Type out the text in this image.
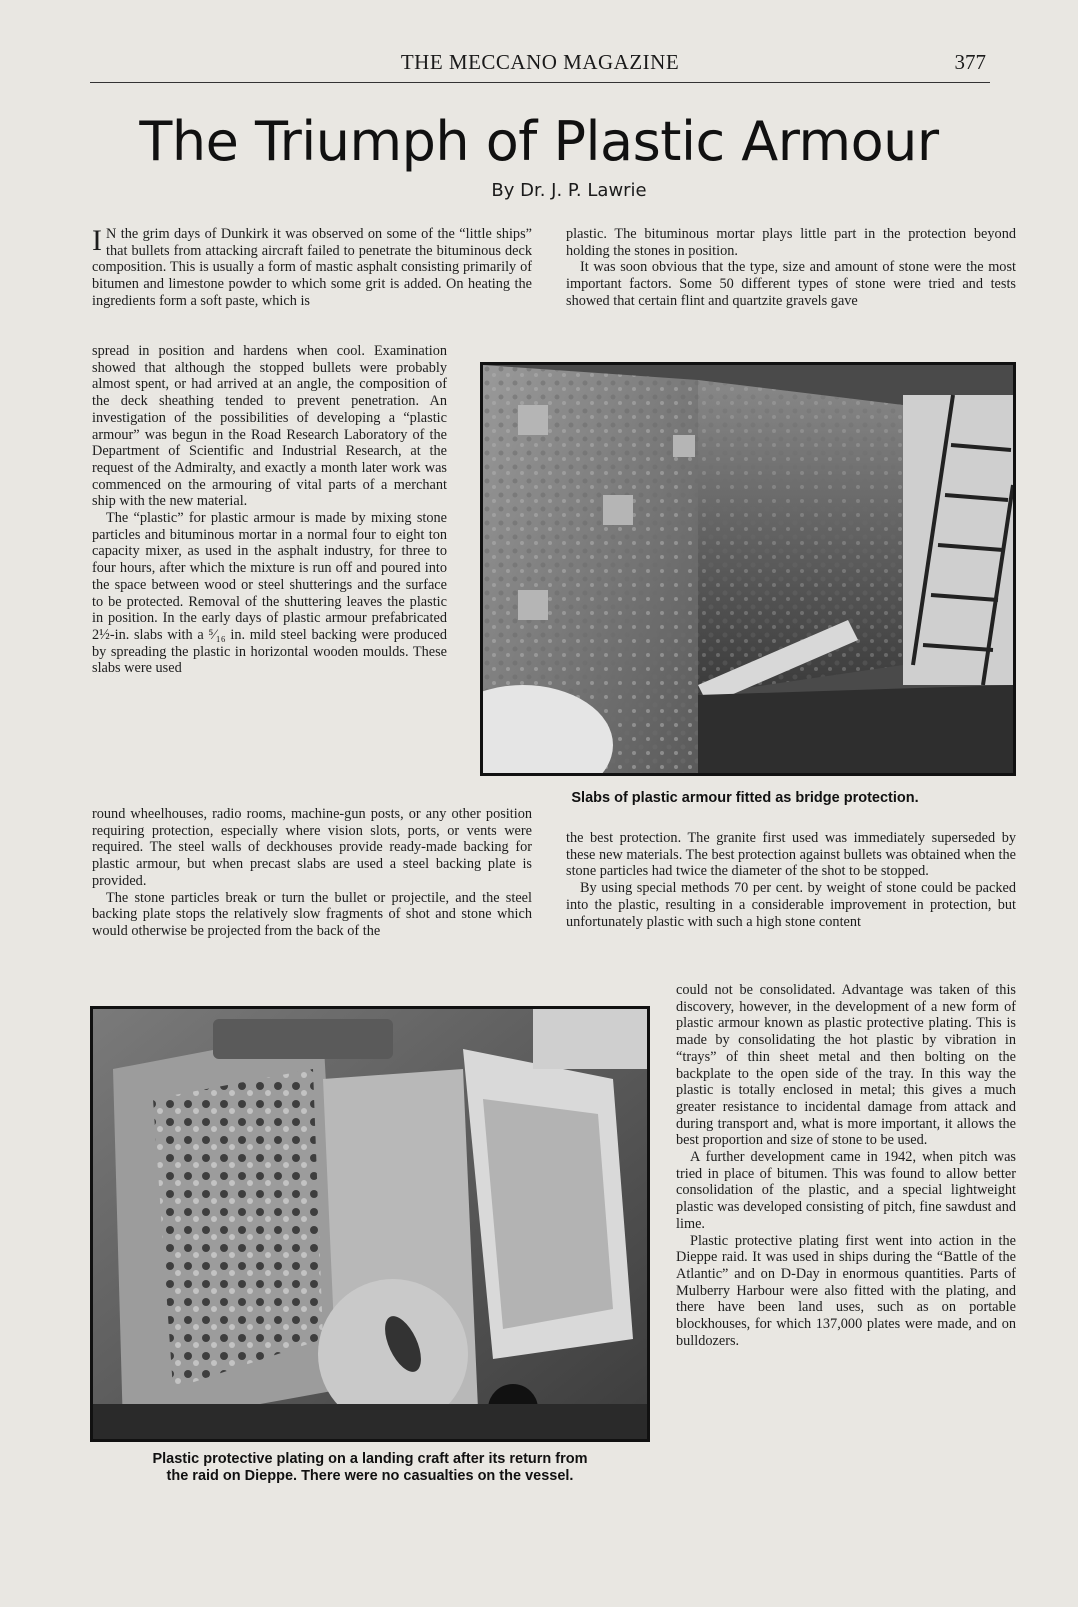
THE MECCANO MAGAZINE	377
The Triumph of Plastic Armour
By Dr. J. P. Lawrie

I N the grim days of Dunkirk it was observed on some of the “little ships” that bullets from attacking aircraft failed to penetrate the bituminous deck composition. This is usually a form of mastic asphalt consisting primarily of bitumen and limestone powder to which some grit is added. On heating the ingredients form a soft paste, which is

spread in position and hardens when cool. Examination showed that although the stopped bullets were probably almost spent, or had arrived at an angle, the composition of the deck sheathing tended to prevent penetration. An investigation of the possibilities of developing a “plastic armour” was begun in the Road Research Laboratory of the Department of Scientific and Industrial Research, at the request of the Admiralty, and exactly a month later work was commenced on the armouring of vital parts of a merchant ship with the new material.

The “plastic” for plastic armour is made by mixing stone particles and bituminous mortar in a normal four to eight ton capacity mixer, as used in the asphalt industry, for three to four hours, after which the mixture is run off and poured into the space between wood or steel shutterings and the surface to be protected. Removal of the shuttering leaves the plastic in position. In the early days of plastic armour prefabricated 2½-in. slabs with a ⁵⁄₁₆ in. mild steel backing were produced by spreading the plastic in horizontal wooden moulds. These slabs were used

round wheelhouses, radio rooms, machine-gun posts, or any other position requiring protection, especially where vision slots, ports, or vents were required. The steel walls of deckhouses provide ready-made backing for plastic armour, but when precast slabs are used a steel backing plate is provided.

The stone particles break or turn the bullet or projectile, and the steel backing plate stops the relatively slow fragments of shot and stone which would otherwise be projected from the back of the

plastic. The bituminous mortar plays little part in the protection beyond holding the stones in position.

It was soon obvious that the type, size and amount of stone were the most important factors. Some 50 different types of stone were tried and tests showed that certain flint and quartzite gravels gave

Slabs of plastic armour fitted as bridge protection.

the best protection. The granite first used was immediately superseded by these new materials. The best protection against bullets was obtained when the stone particles had twice the diameter of the shot to be stopped.

By using special methods 70 per cent. by weight of stone could be packed into the plastic, resulting in a considerable improvement in protection, but unfortunately plastic with such a high stone content

could not be consolidated. Advantage was taken of this discovery, however, in the development of a new form of plastic armour known as plastic protective plating. This is made by consolidating the hot plastic by vibration in “trays” of thin sheet metal and then bolting on the backplate to the open side of the tray. In this way the plastic is totally enclosed in metal; this gives a much greater resistance to incidental damage from attack and during transport and, what is more important, it allows the best proportion and size of stone to be used.

A further development came in 1942, when pitch was tried in place of bitumen. This was found to allow better consolidation of the plastic, and a special lightweight plastic was developed consisting of pitch, fine sawdust and lime.

Plastic protective plating first went into action in the Dieppe raid. It was used in ships during the “Battle of the Atlantic” and on D-Day in enormous quantities. Parts of Mulberry Harbour were also fitted with the plating, and there have been land uses, such as on portable blockhouses, for which 137,000 plates were made, and on bulldozers.

Plastic protective plating on a landing craft after its return from
the raid on Dieppe. There were no casualties on the vessel.
